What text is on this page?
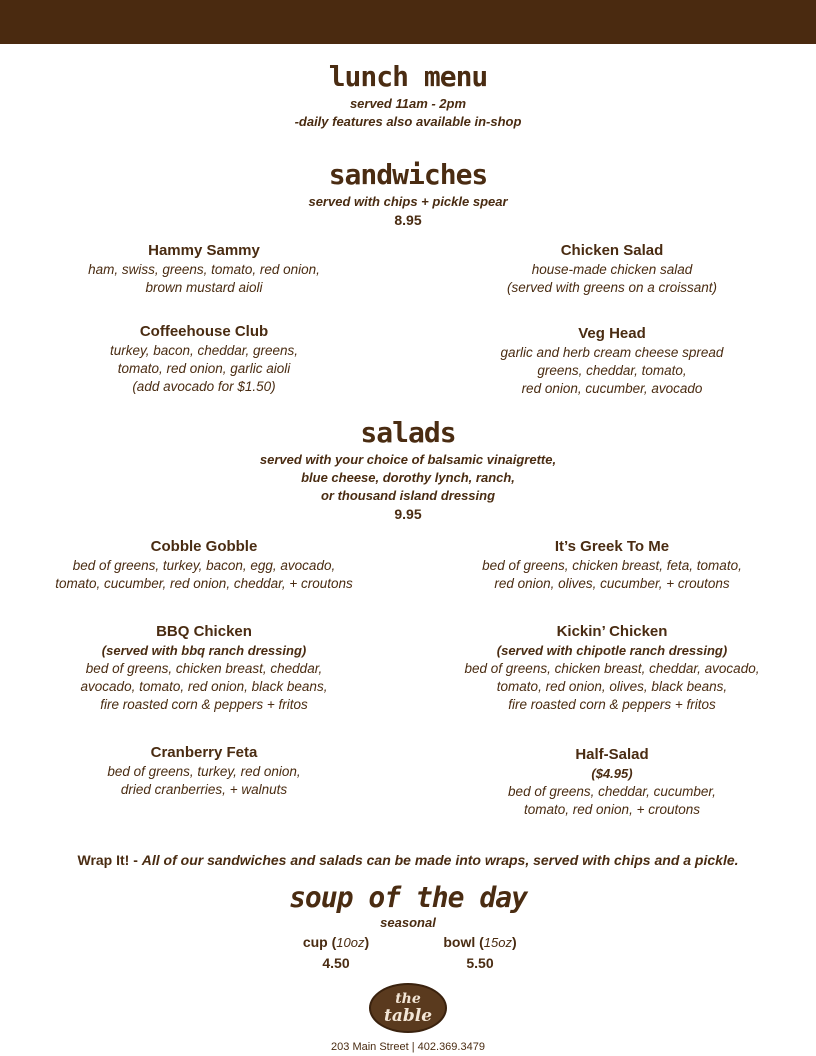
lunch menu
served 11am - 2pm
-daily features also available in-shop
sandwiches
served with chips + pickle spear
8.95
Hammy Sammy
ham, swiss, greens, tomato, red onion,
brown mustard aioli
Chicken Salad
house-made chicken salad
(served with greens on a croissant)
Coffeehouse Club
turkey, bacon, cheddar, greens,
tomato, red onion, garlic aioli
(add avocado for $1.50)
Veg Head
garlic and herb cream cheese spread
greens, cheddar, tomato,
red onion, cucumber, avocado
salads
served with your choice of balsamic vinaigrette,
blue cheese, dorothy lynch, ranch,
or thousand island dressing
9.95
Cobble Gobble
bed of greens, turkey, bacon, egg, avocado,
tomato, cucumber, red onion, cheddar, + croutons
It’s Greek To Me
bed of greens, chicken breast, feta, tomato,
red onion, olives, cucumber, + croutons
BBQ Chicken
(served with bbq ranch dressing)
bed of greens, chicken breast, cheddar,
avocado, tomato, red onion, black beans,
fire roasted corn & peppers + fritos
Kickin’ Chicken
(served with chipotle ranch dressing)
bed of greens, chicken breast, cheddar, avocado,
tomato, red onion, olives, black beans,
fire roasted corn & peppers + fritos
Cranberry Feta
bed of greens, turkey, red onion,
dried cranberries, + walnuts
Half-Salad
($4.95)
bed of greens, cheddar, cucumber,
tomato, red onion, + croutons
Wrap It! - All of our sandwiches and salads can be made into wraps, served with chips and a pickle.
soup of the day
seasonal
cup (10oz)
4.50
bowl (15oz)
5.50
the
table
203 Main Street | 402.369.3479
